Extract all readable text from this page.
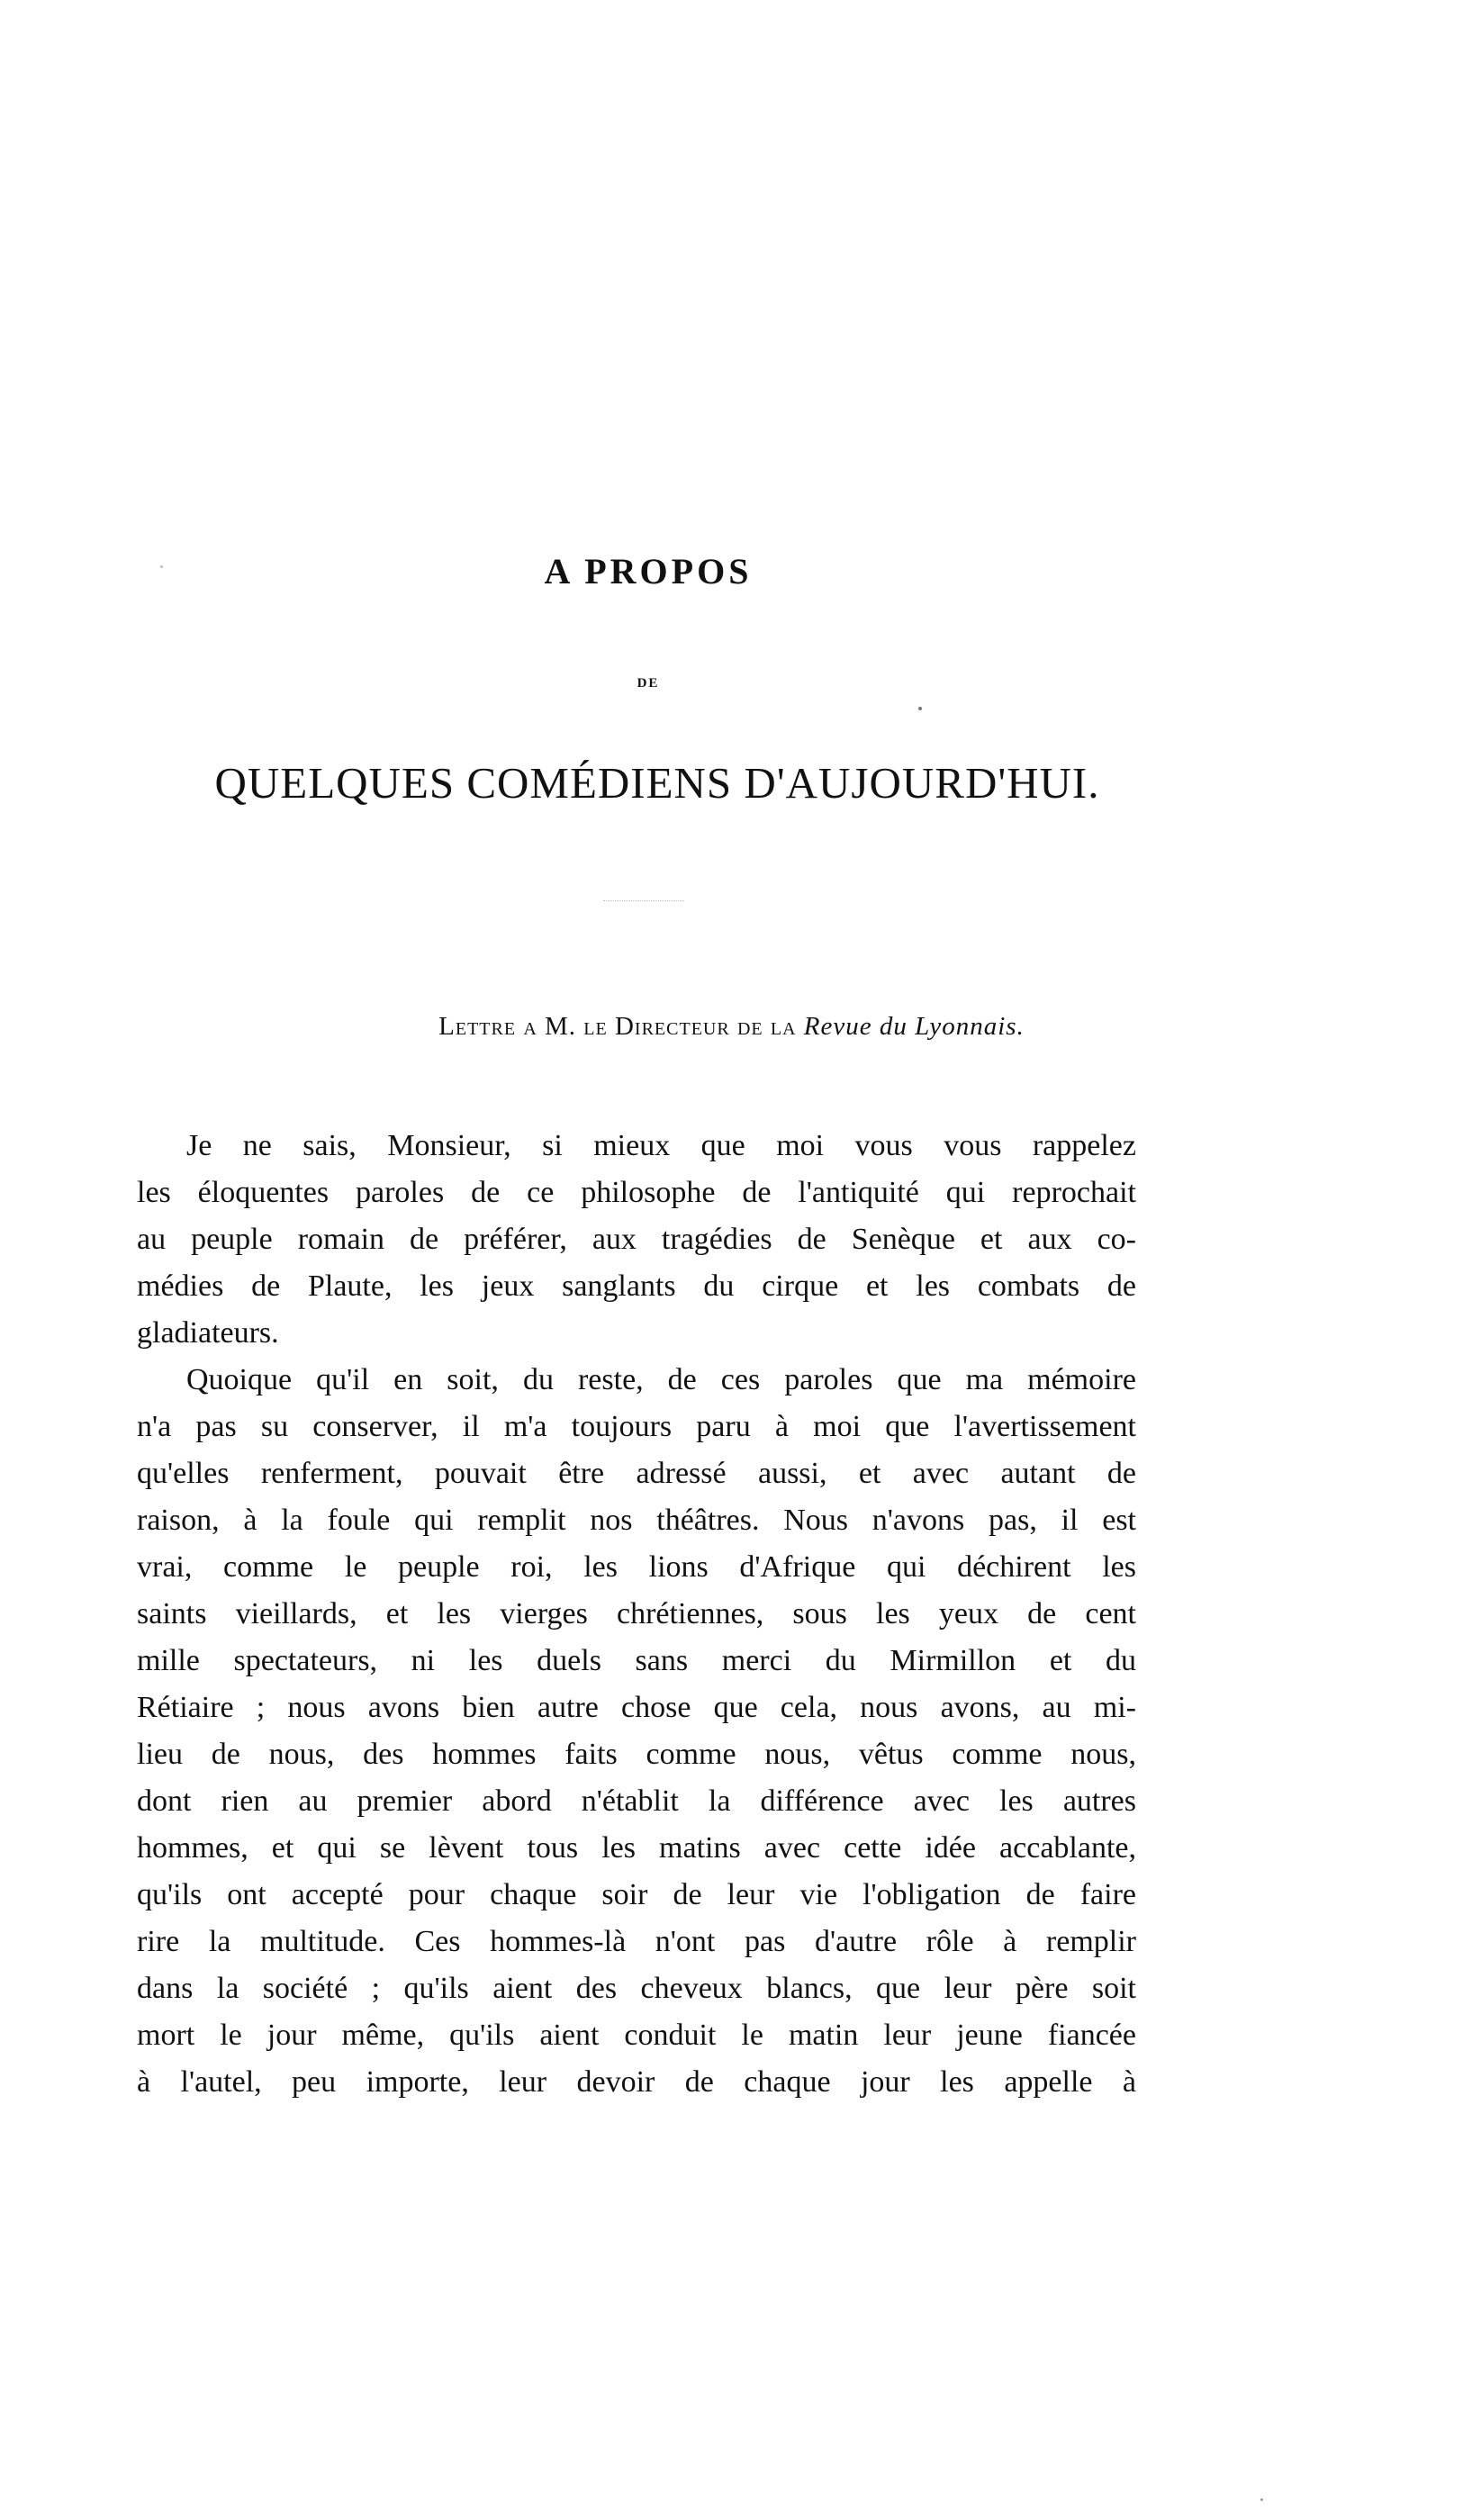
A PROPOS
DE
QUELQUES COMÉDIENS D'AUJOURD'HUI.
Lettre a M. le Directeur de la Revue du Lyonnais.
Je ne sais, Monsieur, si mieux que moi vous vous rappelez
les éloquentes paroles de ce philosophe de l'antiquité qui reprochait
au peuple romain de préférer, aux tragédies de Senèque et aux co-
médies de Plaute, les jeux sanglants du cirque et les combats de
gladiateurs.
Quoique qu'il en soit, du reste, de ces paroles que ma mémoire
n'a pas su conserver, il m'a toujours paru à moi que l'avertissement
qu'elles renferment, pouvait être adressé aussi, et avec autant de
raison, à la foule qui remplit nos théâtres. Nous n'avons pas, il est
vrai, comme le peuple roi, les lions d'Afrique qui déchirent les
saints vieillards, et les vierges chrétiennes, sous les yeux de cent
mille spectateurs, ni les duels sans merci du Mirmillon et du
Rétiaire ; nous avons bien autre chose que cela, nous avons, au mi-
lieu de nous, des hommes faits comme nous, vêtus comme nous,
dont rien au premier abord n'établit la différence avec les autres
hommes, et qui se lèvent tous les matins avec cette idée accablante,
qu'ils ont accepté pour chaque soir de leur vie l'obligation de faire
rire la multitude. Ces hommes-là n'ont pas d'autre rôle à remplir
dans la société ; qu'ils aient des cheveux blancs, que leur père soit
mort le jour même, qu'ils aient conduit le matin leur jeune fiancée
à l'autel, peu importe, leur devoir de chaque jour les appelle à
